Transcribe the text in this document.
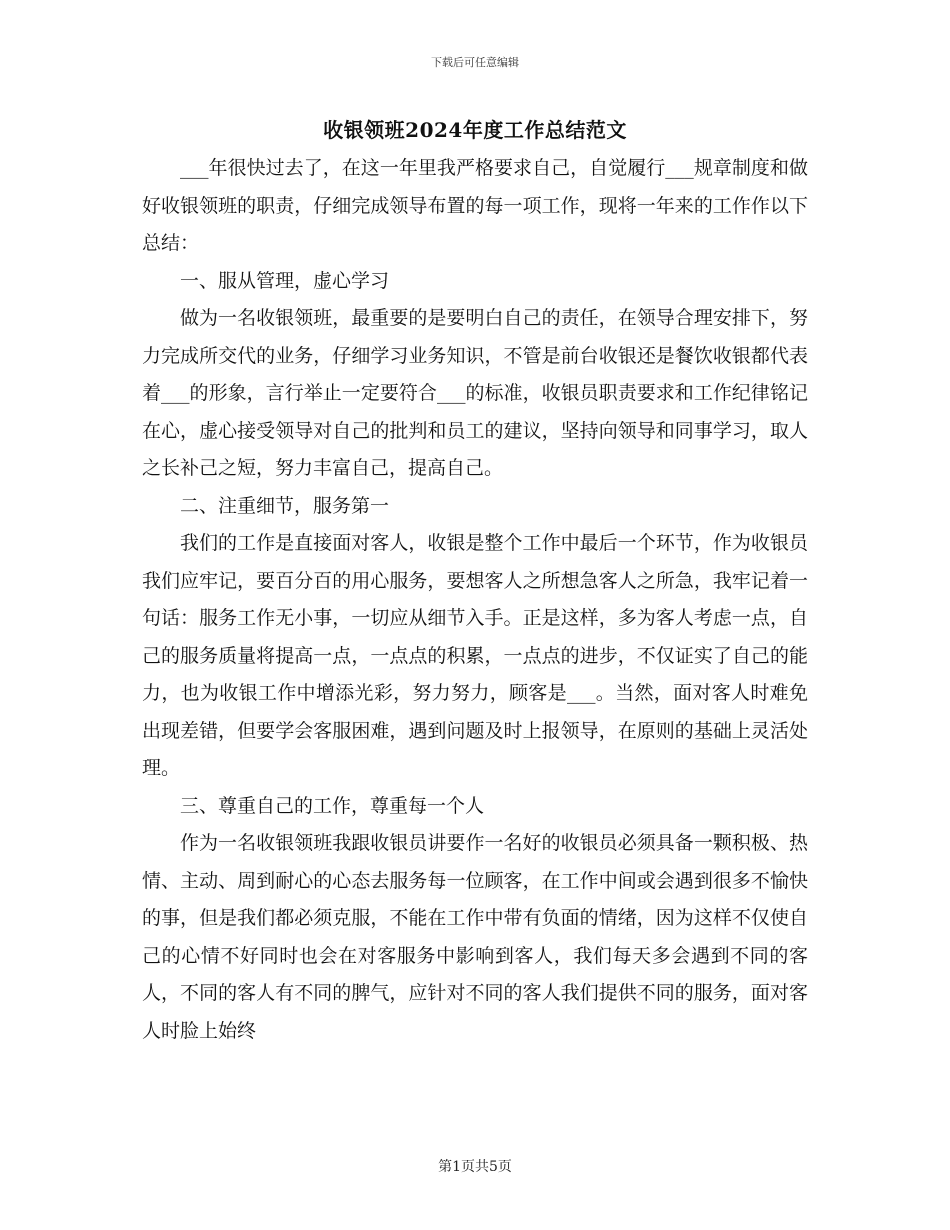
下载后可任意编辑
收银领班2024年度工作总结范文

___年很快过去了，在这一年里我严格要求自己，自觉履行___规章制度和做好收银领班的职责，仔细完成领导布置的每一项工作，现将一年来的工作作以下总结：

一、服从管理，虚心学习

做为一名收银领班，最重要的是要明白自己的责任，在领导合理安排下，努力完成所交代的业务，仔细学习业务知识，不管是前台收银还是餐饮收银都代表着___的形象，言行举止一定要符合___的标准，收银员职责要求和工作纪律铭记在心，虚心接受领导对自己的批判和员工的建议，坚持向领导和同事学习，取人之长补己之短，努力丰富自己，提高自己。

二、注重细节，服务第一

我们的工作是直接面对客人，收银是整个工作中最后一个环节，作为收银员我们应牢记，要百分百的用心服务，要想客人之所想急客人之所急，我牢记着一句话：服务工作无小事，一切应从细节入手。正是这样，多为客人考虑一点，自己的服务质量将提高一点，一点点的积累，一点点的进步，不仅证实了自己的能力，也为收银工作中增添光彩，努力努力，顾客是___。当然，面对客人时难免出现差错，但要学会客服困难，遇到问题及时上报领导，在原则的基础上灵活处理。

三、尊重自己的工作，尊重每一个人

作为一名收银领班我跟收银员讲要作一名好的收银员必须具备一颗积极、热情、主动、周到耐心的心态去服务每一位顾客，在工作中间或会遇到很多不愉快的事，但是我们都必须克服，不能在工作中带有负面的情绪，因为这样不仅使自己的心情不好同时也会在对客服务中影响到客人，我们每天多会遇到不同的客人，不同的客人有不同的脾气，应针对不同的客人我们提供不同的服务，面对客人时脸上始终

第1页共5页
